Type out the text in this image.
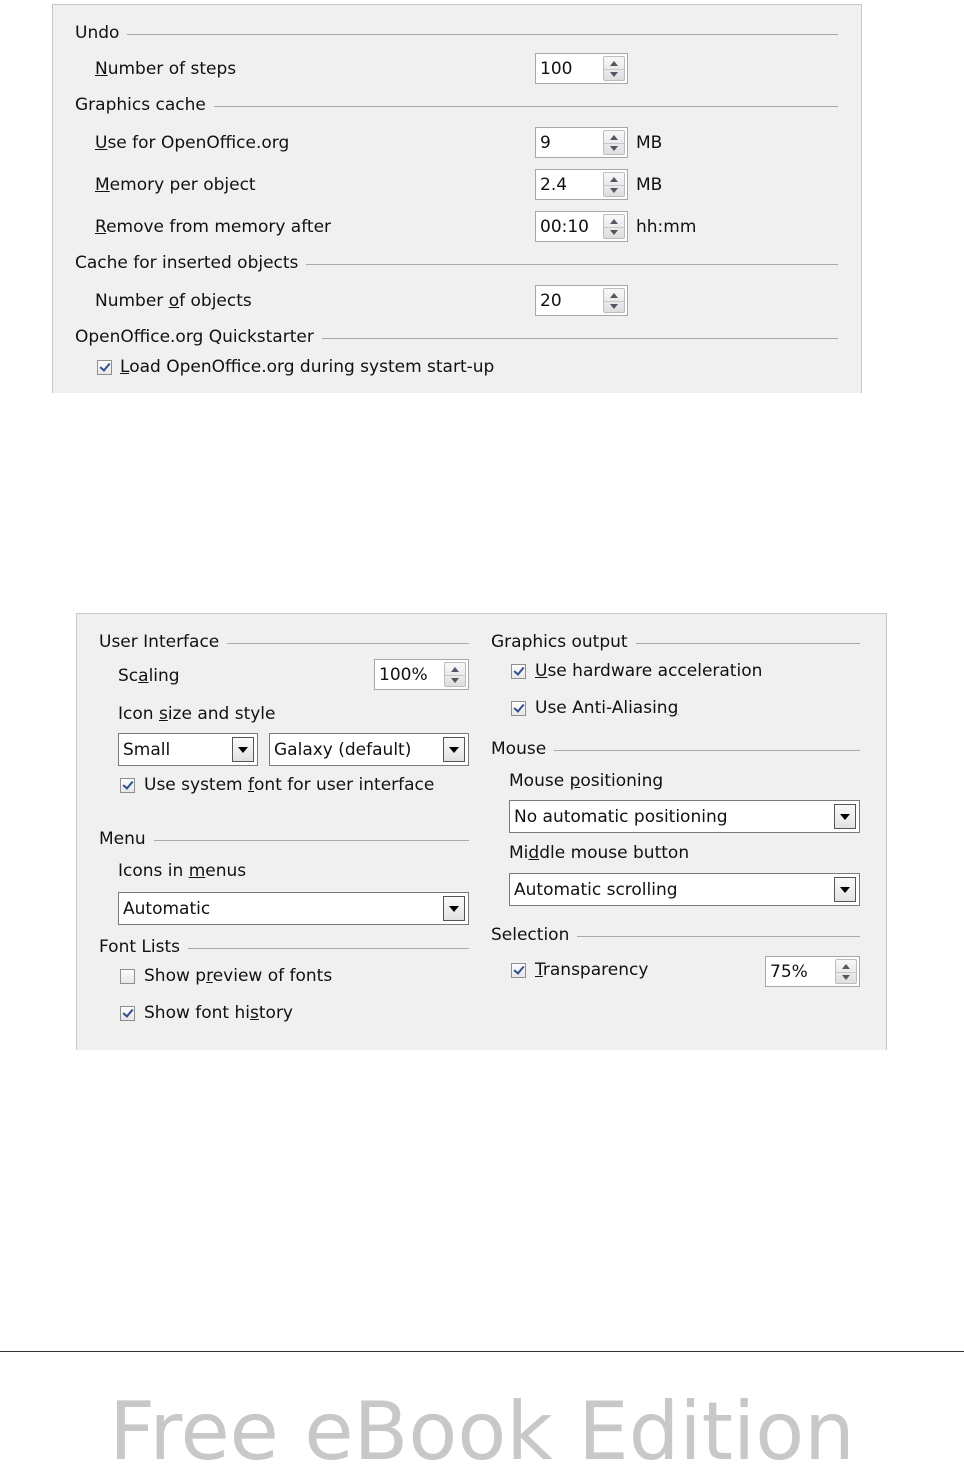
Undo
Number of steps	100
Graphics cache
Use for OpenOffice.org	9	MB
Memory per object	2.4	MB
Remove from memory after	00:10	hh:mm
Cache for inserted objects
Number of objects	20
OpenOffice.org Quickstarter
Load OpenOffice.org during system start-up
User Interface
Scaling	100%
Icon size and style
Small	Galaxy (default)
Use system font for user interface
Menu
Icons in menus
Automatic
Font Lists
Show preview of fonts
Show font history
Graphics output
Use hardware acceleration
Use Anti-Aliasing
Mouse
Mouse positioning
No automatic positioning
Middle mouse button
Automatic scrolling
Selection
Transparency	75%
Free eBook Edition
